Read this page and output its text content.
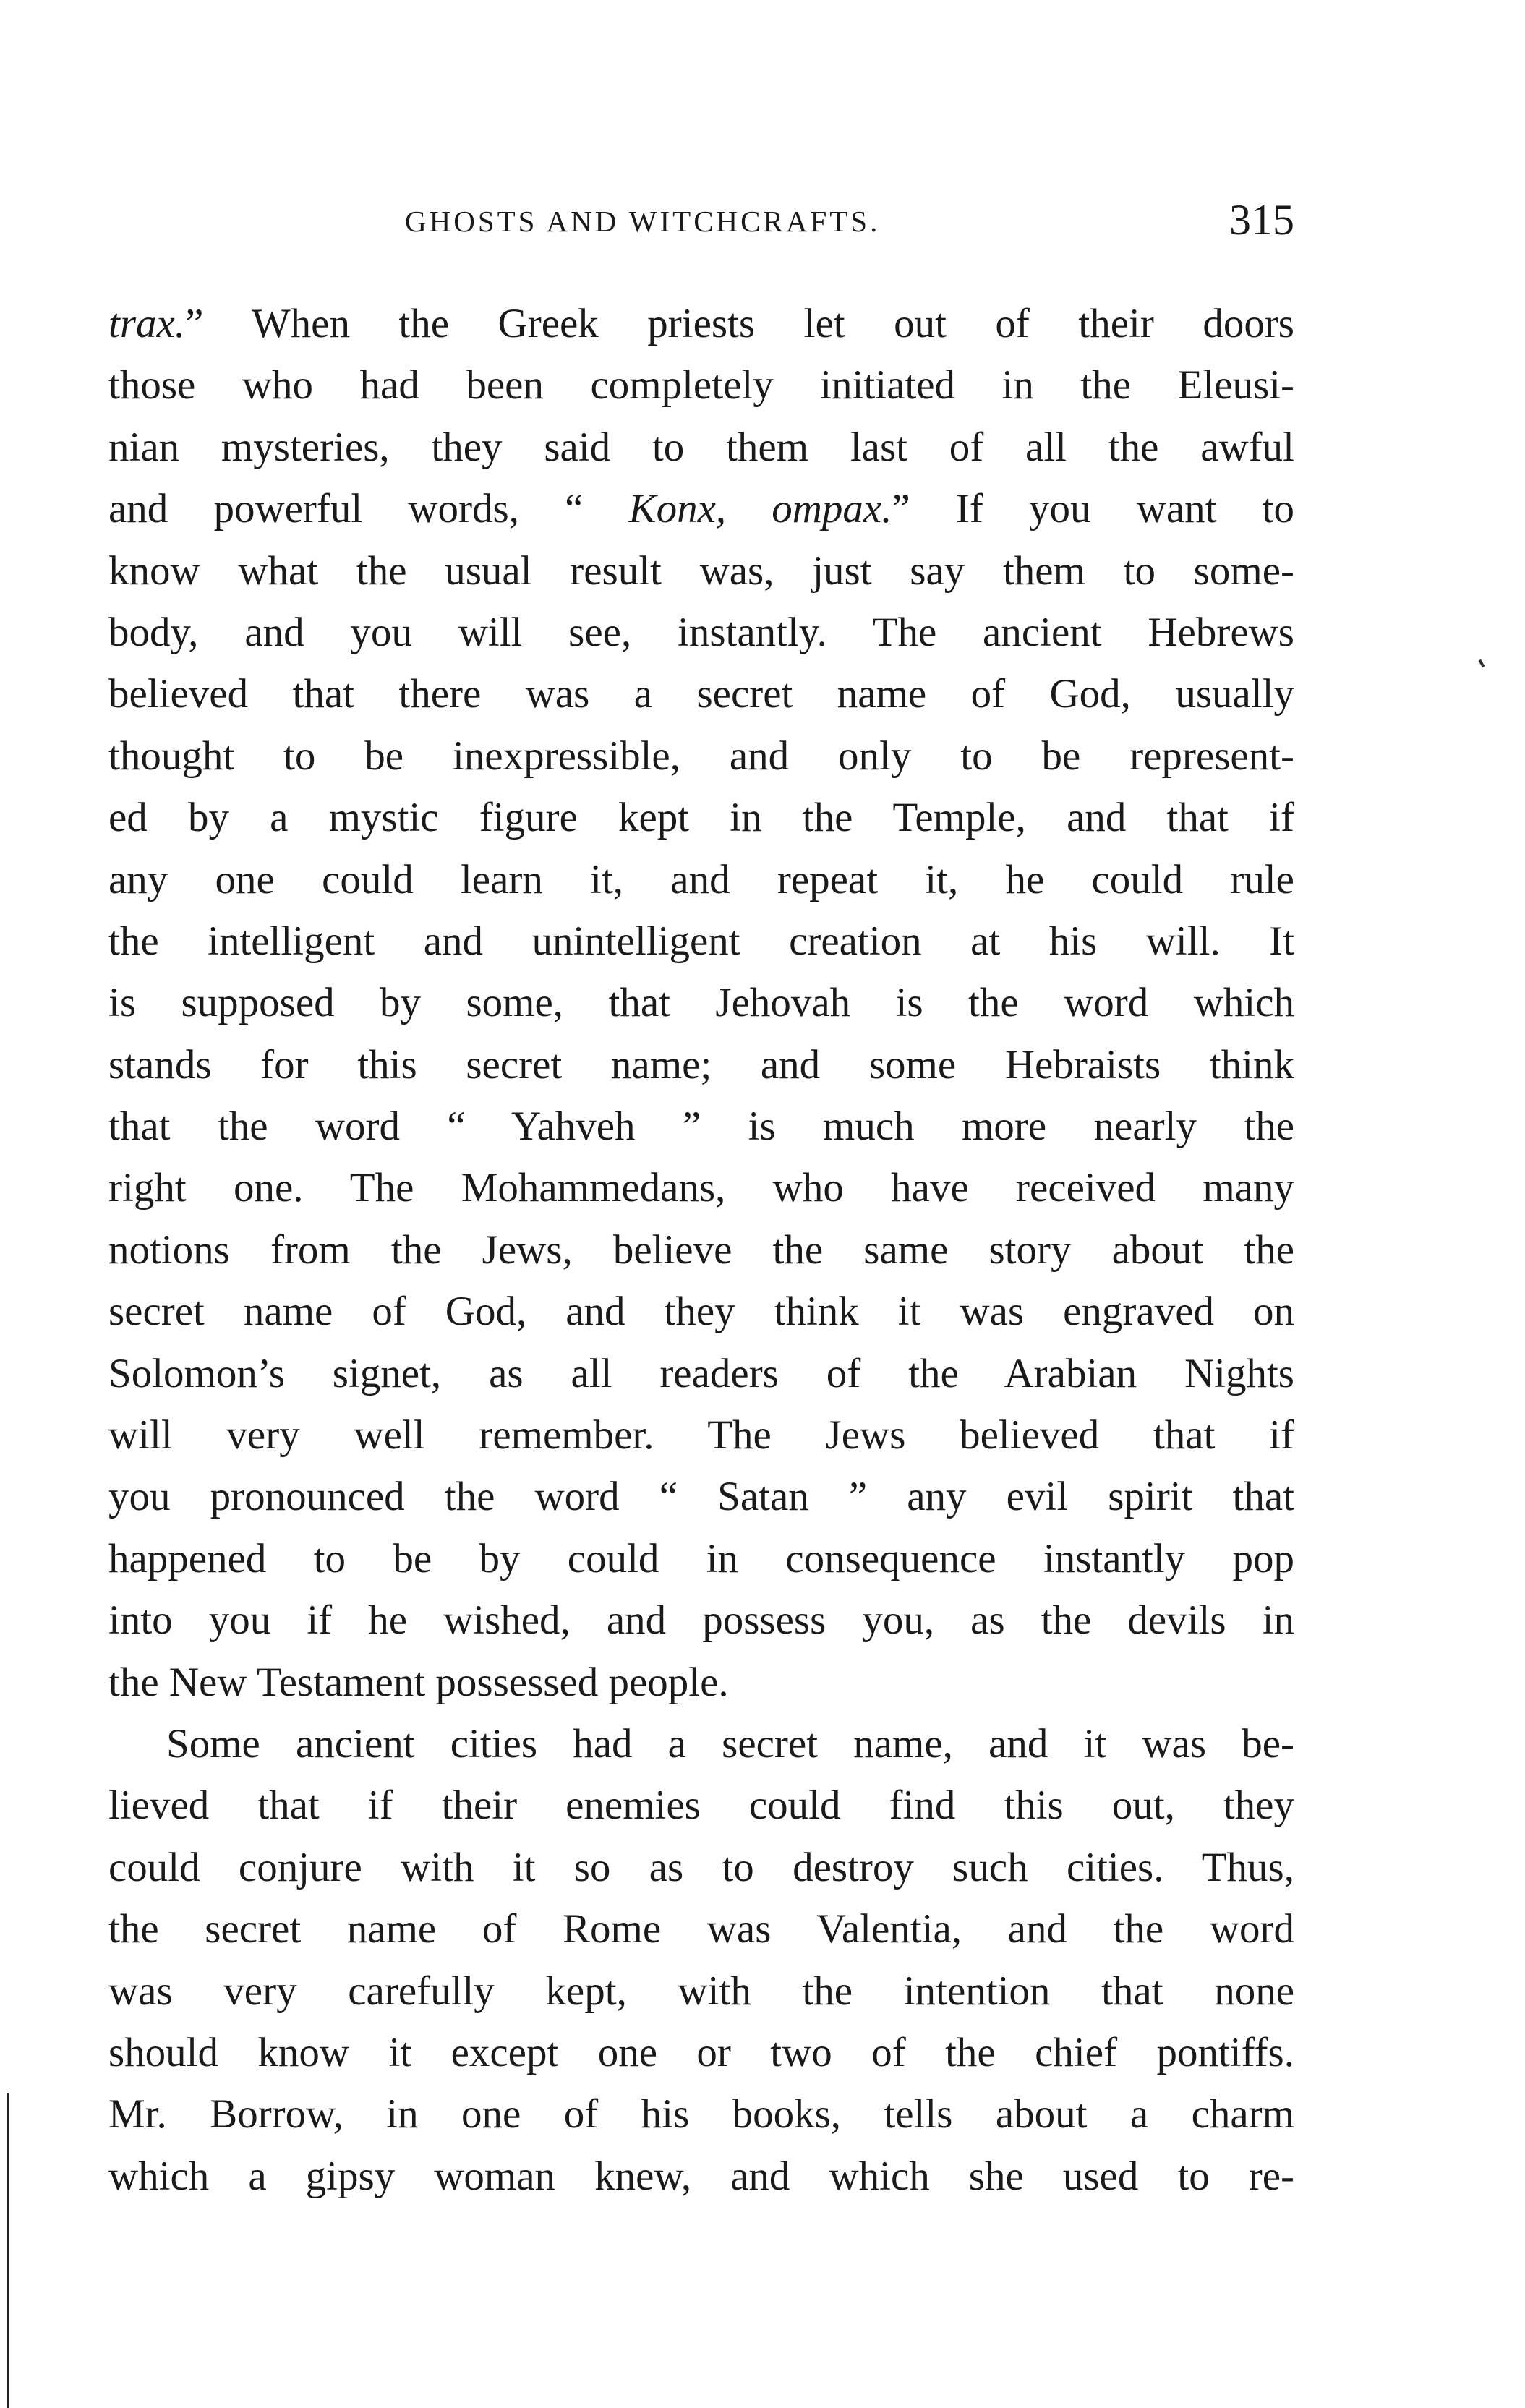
GHOSTS AND WITCHCRAFTS.	315
trax.” When the Greek priests let out of their doors
those who had been completely initiated in the Eleusi-
nian mysteries, they said to them last of all the awful
and powerful words, “ Konx, ompax.” If you want to
know what the usual result was, just say them to some-
body, and you will see, instantly. The ancient Hebrews
believed that there was a secret name of God, usually
thought to be inexpressible, and only to be represent-
ed by a mystic figure kept in the Temple, and that if
any one could learn it, and repeat it, he could rule
the intelligent and unintelligent creation at his will. It
is supposed by some, that Jehovah is the word which
stands for this secret name; and some Hebraists think
that the word “ Yahveh ” is much more nearly the
right one. The Mohammedans, who have received many
notions from the Jews, believe the same story about the
secret name of God, and they think it was engraved on
Solomon’s signet, as all readers of the Arabian Nights
will very well remember. The Jews believed that if
you pronounced the word “ Satan ” any evil spirit that
happened to be by could in consequence instantly pop
into you if he wished, and possess you, as the devils in
the New Testament possessed people.
Some ancient cities had a secret name, and it was be-
lieved that if their enemies could find this out, they
could conjure with it so as to destroy such cities. Thus,
the secret name of Rome was Valentia, and the word
was very carefully kept, with the intention that none
should know it except one or two of the chief pontiffs.
Mr. Borrow, in one of his books, tells about a charm
which a gipsy woman knew, and which she used to re-
